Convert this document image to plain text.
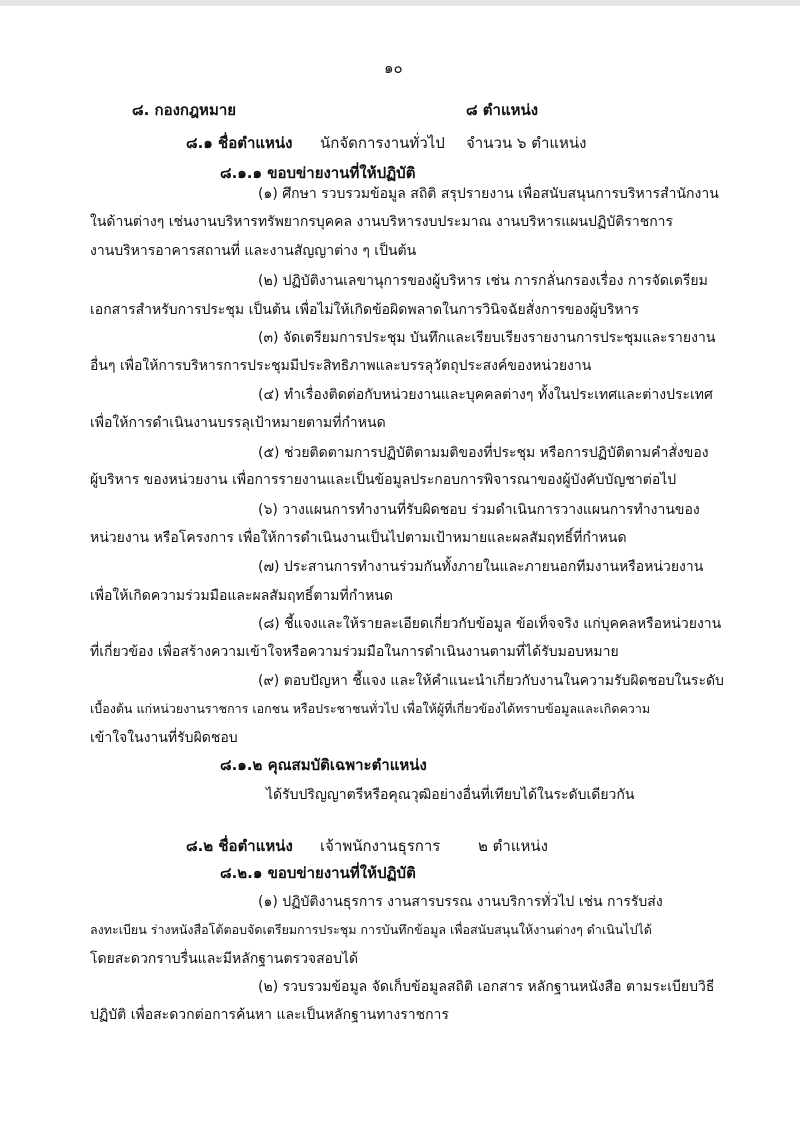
๑๐
๘. กองกฎหมาย	๘ ตำแหน่ง
๘.๑ ชื่อตำแหน่ง นักจัดการงานทั่วไป จำนวน ๖ ตำแหน่ง
๘.๑.๑ ขอบข่ายงานที่ให้ปฏิบัติ
(๑) ศึกษา รวบรวมข้อมูล สถิติ สรุปรายงาน เพื่อสนับสนุนการบริหารสำนักงาน
ในด้านต่างๆ เช่นงานบริหารทรัพยากรบุคคล งานบริหารงบประมาณ งานบริหารแผนปฏิบัติราชการ
งานบริหารอาคารสถานที่ และงานสัญญาต่าง ๆ เป็นต้น
(๒) ปฏิบัติงานเลขานุการของผู้บริหาร เช่น การกลั่นกรองเรื่อง การจัดเตรียม
เอกสารสำหรับการประชุม เป็นต้น เพื่อไม่ให้เกิดข้อผิดพลาดในการวินิจฉัยสั่งการของผู้บริหาร
(๓) จัดเตรียมการประชุม บันทึกและเรียบเรียงรายงานการประชุมและรายงาน
อื่นๆ เพื่อให้การบริหารการประชุมมีประสิทธิภาพและบรรลุวัตถุประสงค์ของหน่วยงาน
(๔) ทำเรื่องติดต่อกับหน่วยงานและบุคคลต่างๆ ทั้งในประเทศและต่างประเทศ
เพื่อให้การดำเนินงานบรรลุเป้าหมายตามที่กำหนด
(๕) ช่วยติดตามการปฏิบัติตามมติของที่ประชุม หรือการปฏิบัติตามคำสั่งของ
ผู้บริหาร ของหน่วยงาน เพื่อการรายงานและเป็นข้อมูลประกอบการพิจารณาของผู้บังคับบัญชาต่อไป
(๖) วางแผนการทำงานที่รับผิดชอบ ร่วมดำเนินการวางแผนการทำงานของ
หน่วยงาน หรือโครงการ เพื่อให้การดำเนินงานเป็นไปตามเป้าหมายและผลสัมฤทธิ์ที่กำหนด
(๗) ประสานการทำงานร่วมกันทั้งภายในและภายนอกทีมงานหรือหน่วยงาน
เพื่อให้เกิดความร่วมมือและผลสัมฤทธิ์ตามที่กำหนด
(๘) ชี้แจงและให้รายละเอียดเกี่ยวกับข้อมูล ข้อเท็จจริง แก่บุคคลหรือหน่วยงาน
ที่เกี่ยวข้อง เพื่อสร้างความเข้าใจหรือความร่วมมือในการดำเนินงานตามที่ได้รับมอบหมาย
(๙) ตอบปัญหา ชี้แจง และให้คำแนะนำเกี่ยวกับงานในความรับผิดชอบในระดับ
เบื้องต้น แก่หน่วยงานราชการ เอกชน หรือประชาชนทั่วไป เพื่อให้ผู้ที่เกี่ยวข้องได้ทราบข้อมูลและเกิดความ
เข้าใจในงานที่รับผิดชอบ
๘.๑.๒ คุณสมบัติเฉพาะตำแหน่ง
ได้รับปริญญาตรีหรือคุณวุฒิอย่างอื่นที่เทียบได้ในระดับเดียวกัน
๘.๒ ชื่อตำแหน่ง เจ้าพนักงานธุรการ	๒ ตำแหน่ง
๘.๒.๑ ขอบข่ายงานที่ให้ปฏิบัติ
(๑) ปฏิบัติงานธุรการ งานสารบรรณ งานบริการทั่วไป เช่น การรับส่ง
ลงทะเบียน ร่างหนังสือโต้ตอบจัดเตรียมการประชุม การบันทึกข้อมูล เพื่อสนับสนุนให้งานต่างๆ ดำเนินไปได้
โดยสะดวกราบรื่นและมีหลักฐานตรวจสอบได้
(๒) รวบรวมข้อมูล จัดเก็บข้อมูลสถิติ เอกสาร หลักฐานหนังสือ ตามระเบียบวิธี
ปฏิบัติ เพื่อสะดวกต่อการค้นหา และเป็นหลักฐานทางราชการ
